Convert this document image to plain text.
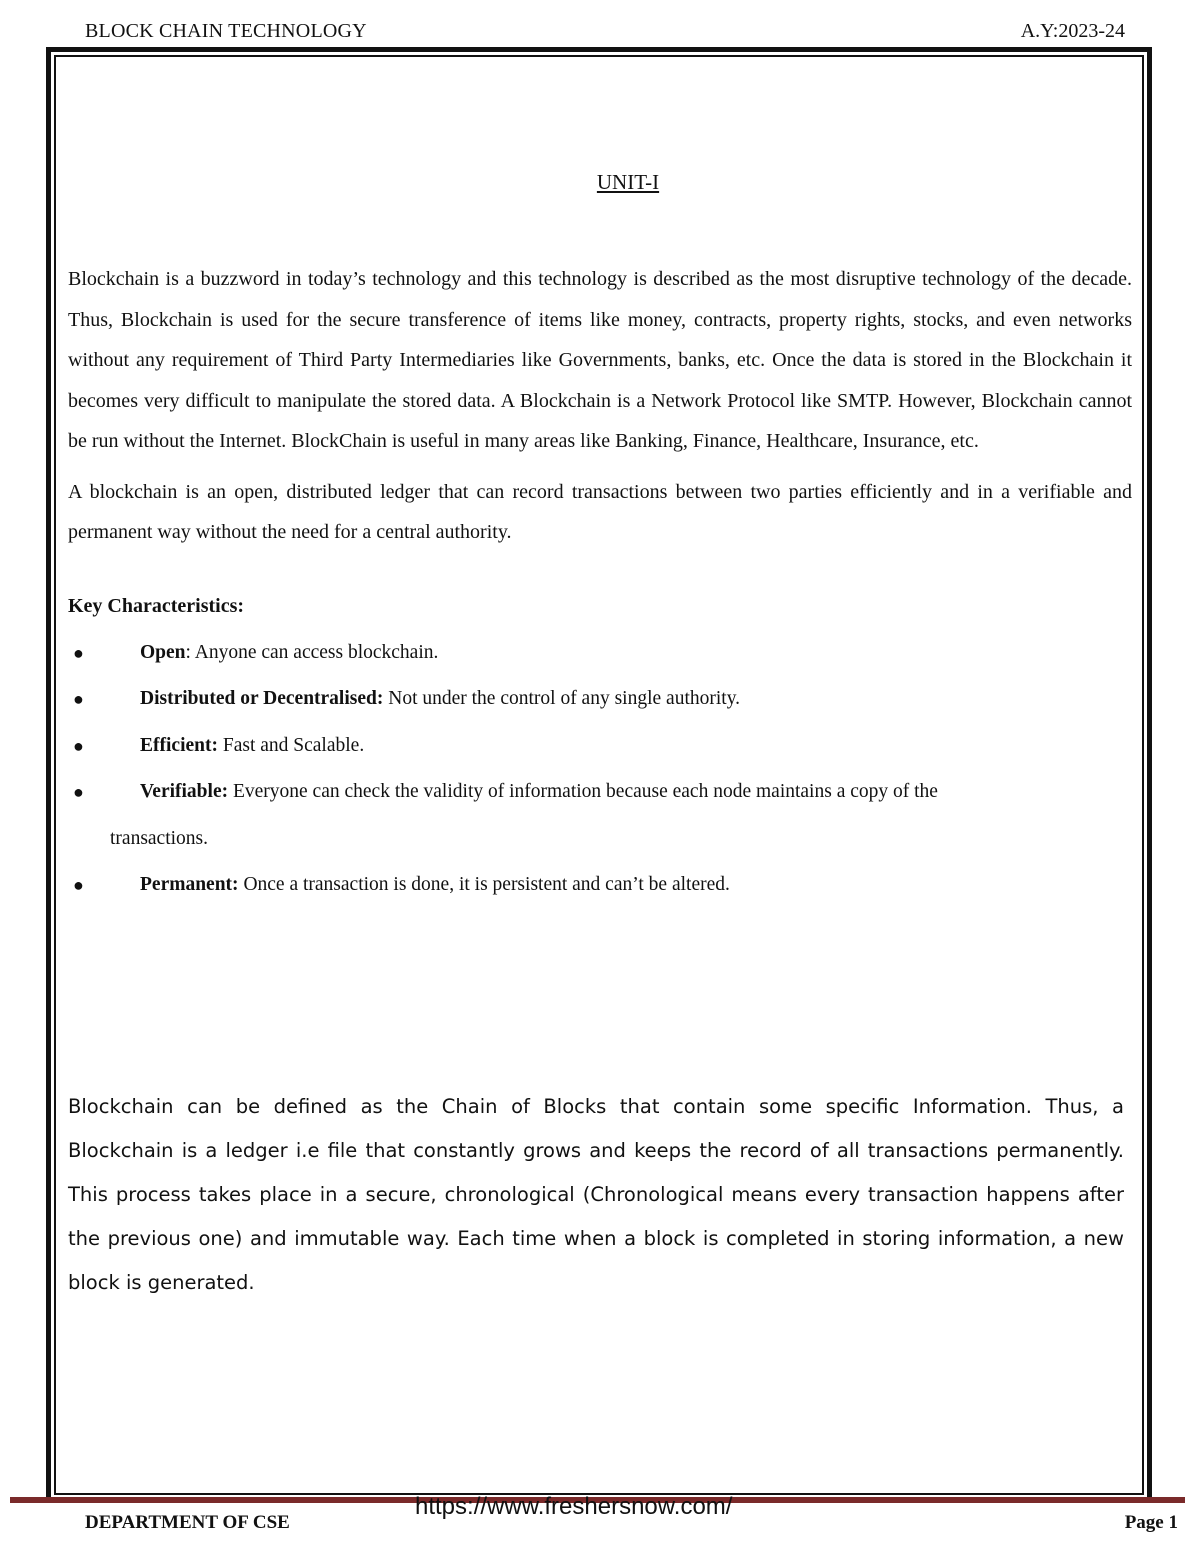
BLOCK CHAIN TECHNOLOGY	A.Y:2023-24
UNIT-I

Blockchain is a buzzword in today’s technology and this technology is described as the most disruptive technology of the decade. Thus, Blockchain is used for the secure transference of items like money, contracts, property rights, stocks, and even networks without any requirement of Third Party Intermediaries like Governments, banks, etc. Once the data is stored in the Blockchain it becomes very difficult to manipulate the stored data. A Blockchain is a Network Protocol like SMTP. However, Blockchain cannot be run without the Internet. BlockChain is useful in many areas like Banking, Finance, Healthcare, Insurance, etc.

A blockchain is an open, distributed ledger that can record transactions between two parties efficiently and in a verifiable and permanent way without the need for a central authority.

Key Characteristics:
●	Open: Anyone can access blockchain.
●	Distributed or Decentralised: Not under the control of any single authority.
●	Efficient: Fast and Scalable.
●	Verifiable: Everyone can check the validity of information because each node maintains a copy of the
transactions.
●	Permanent: Once a transaction is done, it is persistent and can’t be altered.

Blockchain can be defined as the Chain of Blocks that contain some specific Information. Thus, a Blockchain is a ledger i.e file that constantly grows and keeps the record of all transactions permanently. This process takes place in a secure, chronological (Chronological means every transaction happens after the previous one) and immutable way. Each time when a block is completed in storing information, a new block is generated.

https://www.freshersnow.com/
DEPARTMENT OF CSE	Page 1
